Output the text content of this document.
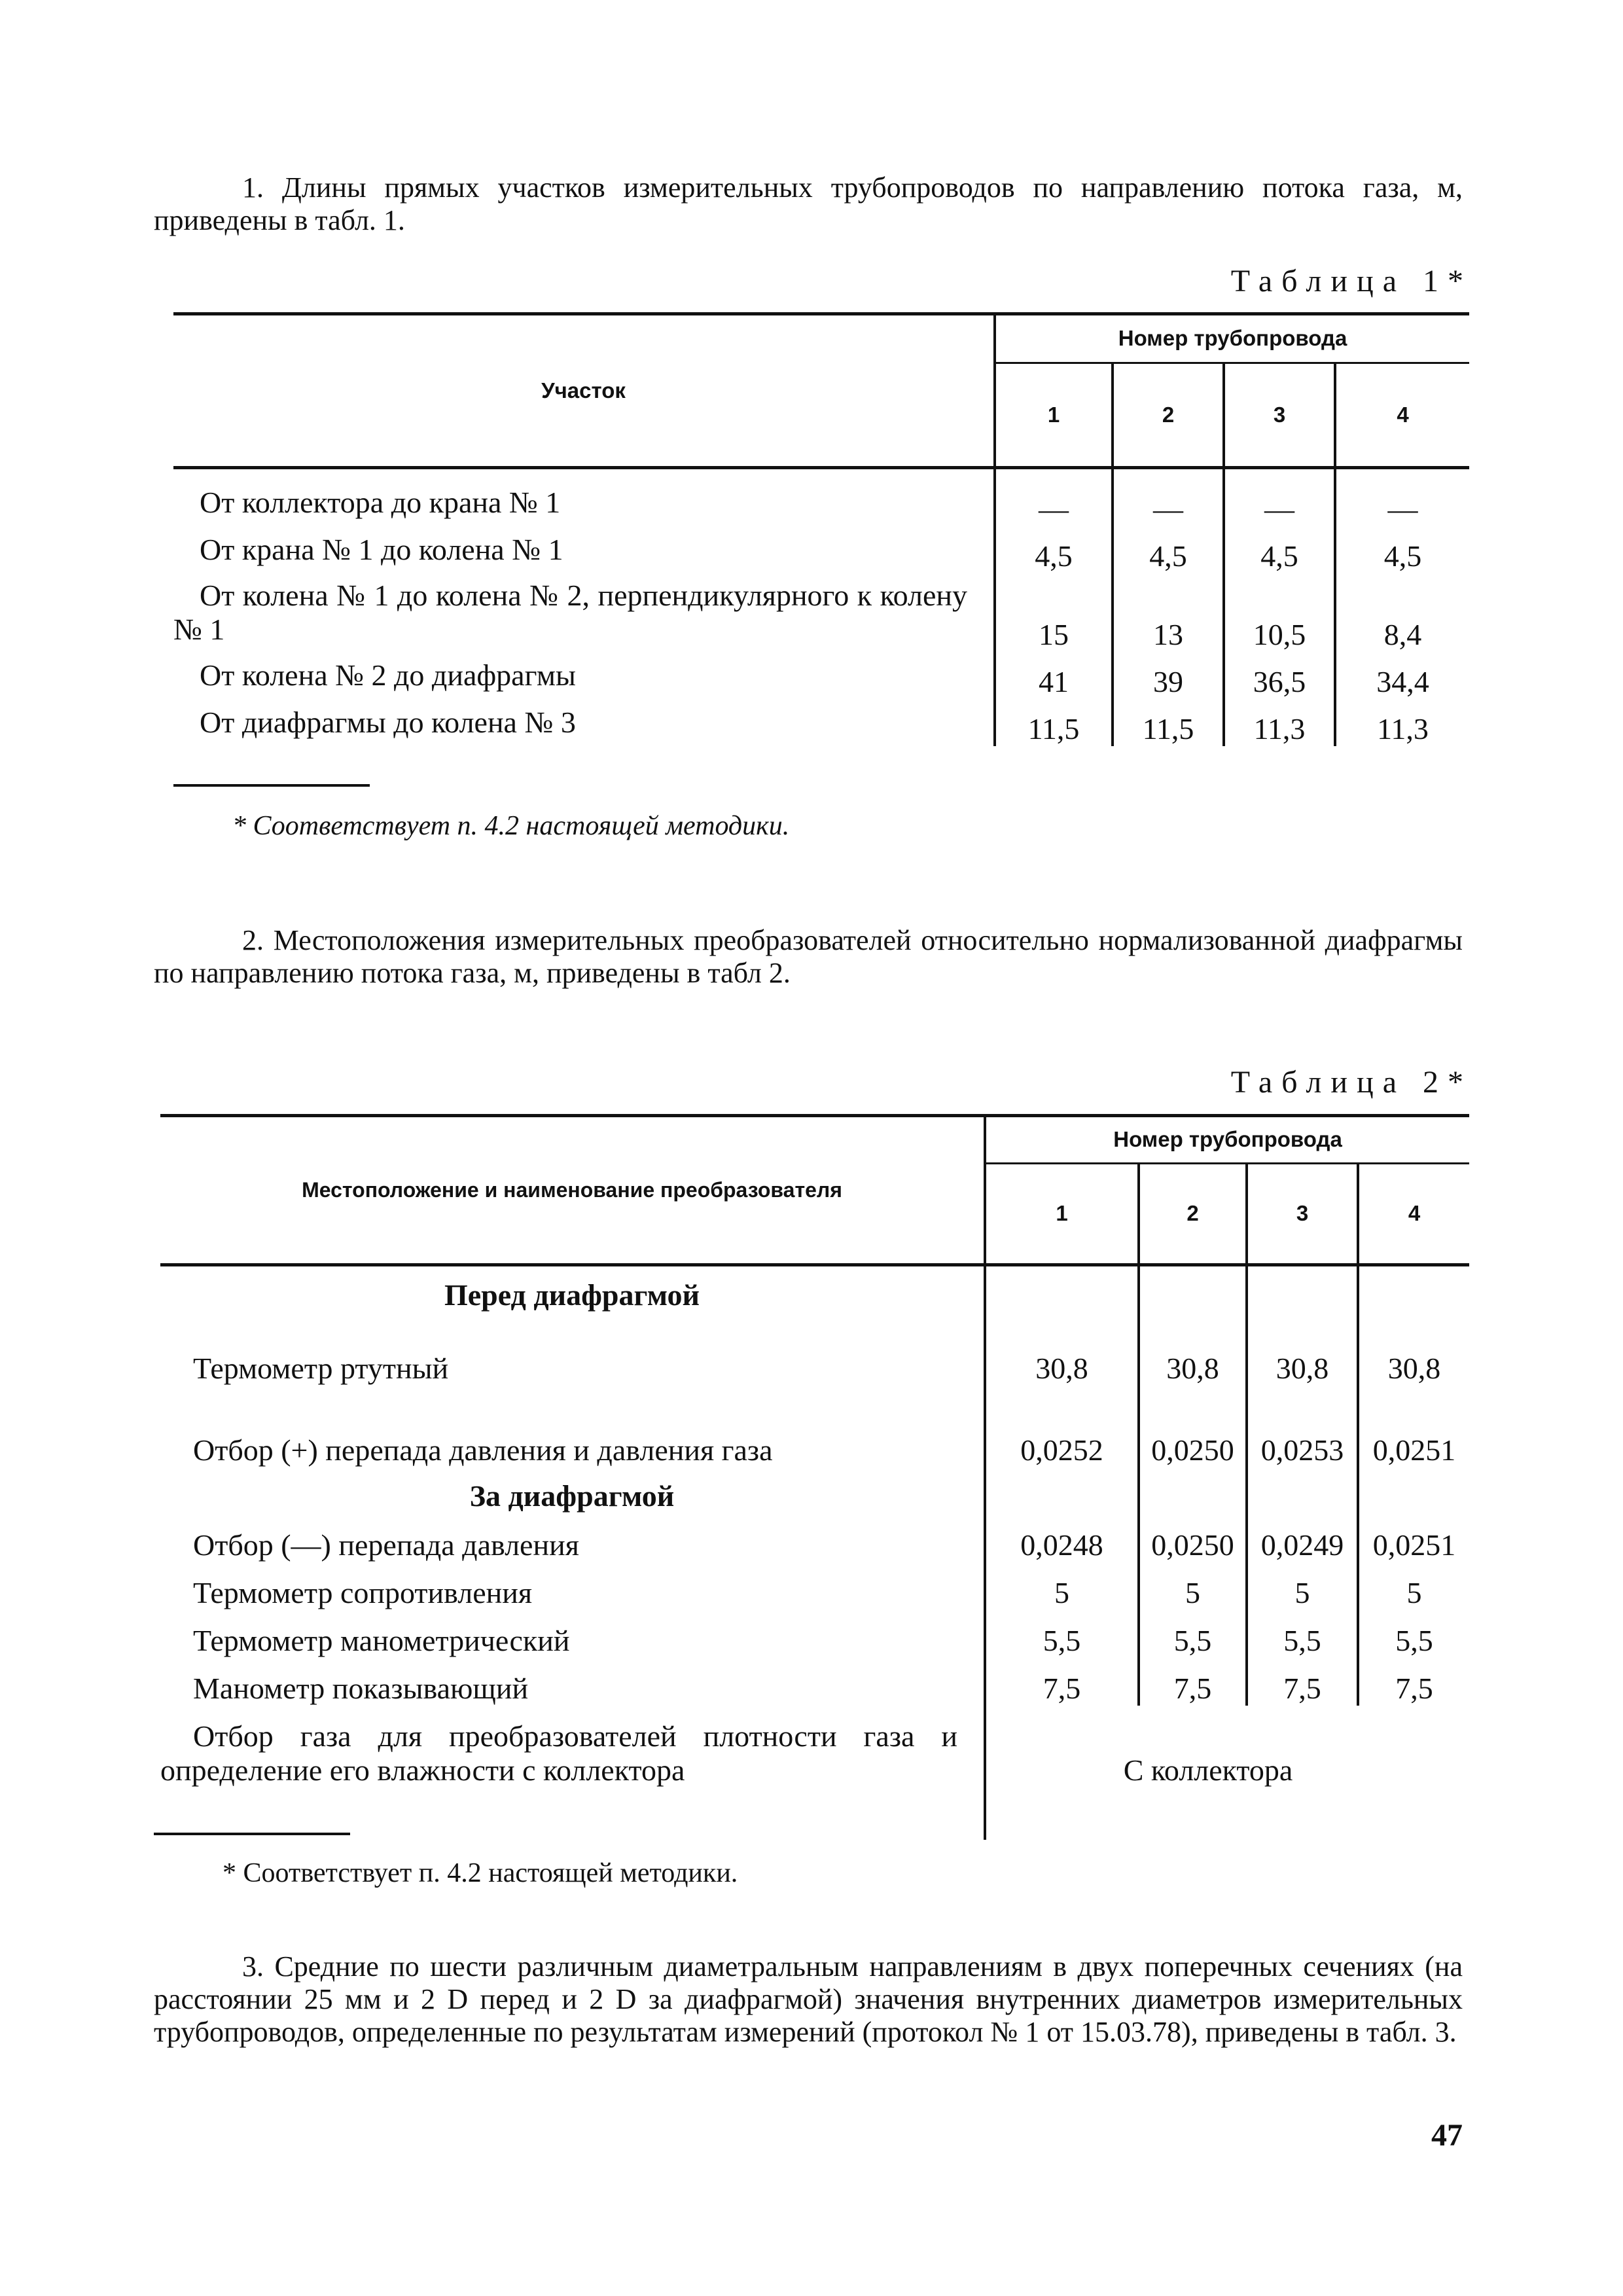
1. Длины прямых участков измерительных трубопроводов по направлению потока газа, м, приведены в табл. 1.

Таблица 1*

Участок	Номер трубопровода			
	1	2	3	4

От коллектора до крана № 1	—	—	—	—
От крана № 1 до колена № 1	4,5	4,5	4,5	4,5
От колена № 1 до колена № 2, перпендикулярного к колену № 1	15	13	10,5	8,4
От колена № 2 до диафрагмы	41	39	36,5	34,4
От диафрагмы до колена № 3	11,5	11,5	11,3	11,3

* Соответствует п. 4.2 настоящей методики.

2. Местоположения измерительных преобразователей относительно нормализованной диафрагмы по направлению потока газа, м, приведены в табл 2.

Таблица 2*

Местоположение и наименование преобразователя	Номер трубопровода			
	1	2	3	4
Перед диафрагмой				
Термометр ртутный	30,8	30,8	30,8	30,8
Отбор (+) перепада давления и давления газа	0,0252	0,0250	0,0253	0,0251
За диафрагмой				
Отбор (—) перепада давления	0,0248	0,0250	0,0249	0,0251
Термометр сопротивления	5	5	5	5
Термометр манометрический	5,5	5,5	5,5	5,5
Манометр показывающий	7,5	7,5	7,5	7,5
Отбор газа для преобразователей плотности газа и определение его влажности с коллектора	С коллектора			

* Соответствует п. 4.2 настоящей методики.

3. Средние по шести различным диаметральным направлениям в двух поперечных сечениях (на расстоянии 25 мм и 2 D перед и 2 D за диафрагмой) значения внутренних диаметров измерительных трубопроводов, определенные по результатам измерений (протокол № 1 от 15.03.78), приведены в табл. 3.

47
